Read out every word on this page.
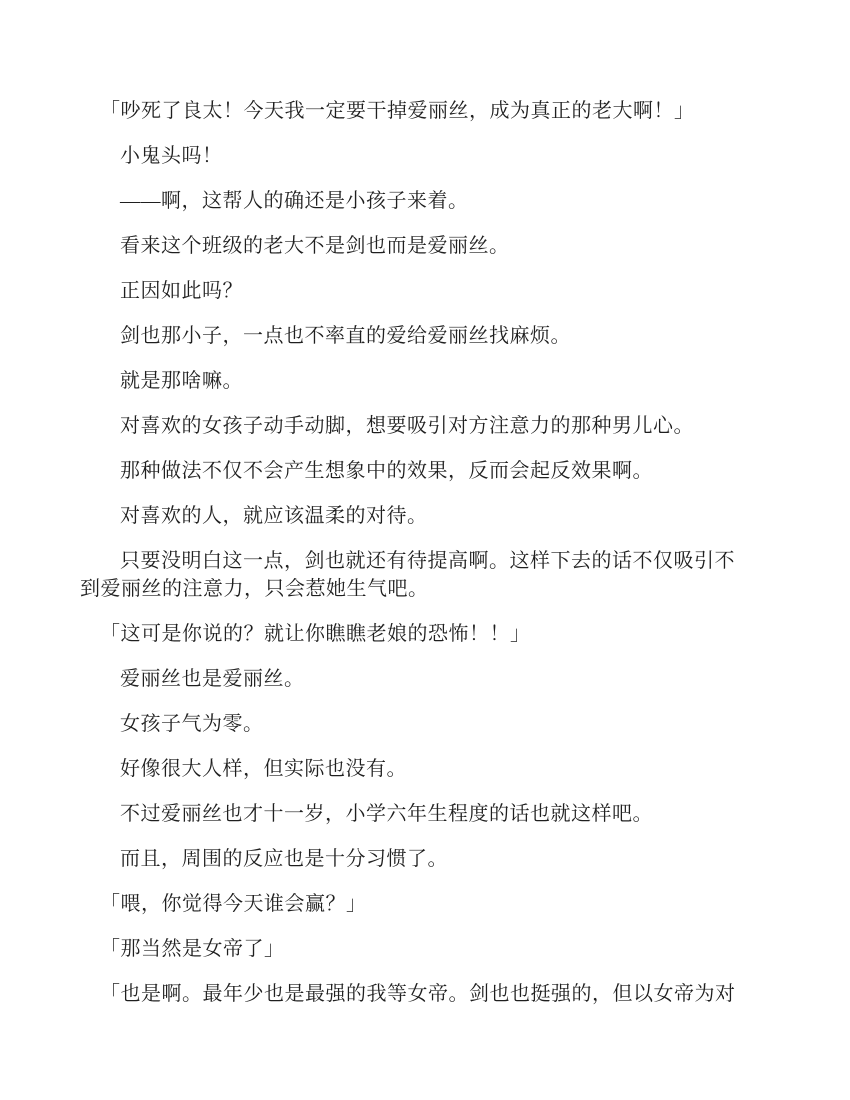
「吵死了良太！今天我一定要干掉爱丽丝，成为真正的老大啊！」

小鬼头吗！

——啊，这帮人的确还是小孩子来着。

看来这个班级的老大不是剑也而是爱丽丝。

正因如此吗？

剑也那小子，一点也不率直的爱给爱丽丝找麻烦。

就是那啥嘛。

对喜欢的女孩子动手动脚，想要吸引对方注意力的那种男儿心。

那种做法不仅不会产生想象中的效果，反而会起反效果啊。

对喜欢的人，就应该温柔的对待。

只要没明白这一点，剑也就还有待提高啊。这样下去的话不仅吸引不到爱丽丝的注意力，只会惹她生气吧。

「这可是你说的？就让你瞧瞧老娘的恐怖！！」

爱丽丝也是爱丽丝。

女孩子气为零。

好像很大人样，但实际也没有。

不过爱丽丝也才十一岁，小学六年生程度的话也就这样吧。

而且，周围的反应也是十分习惯了。

「喂，你觉得今天谁会赢？」

「那当然是女帝了」

「也是啊。最年少也是最强的我等女帝。剑也也挺强的，但以女帝为对
